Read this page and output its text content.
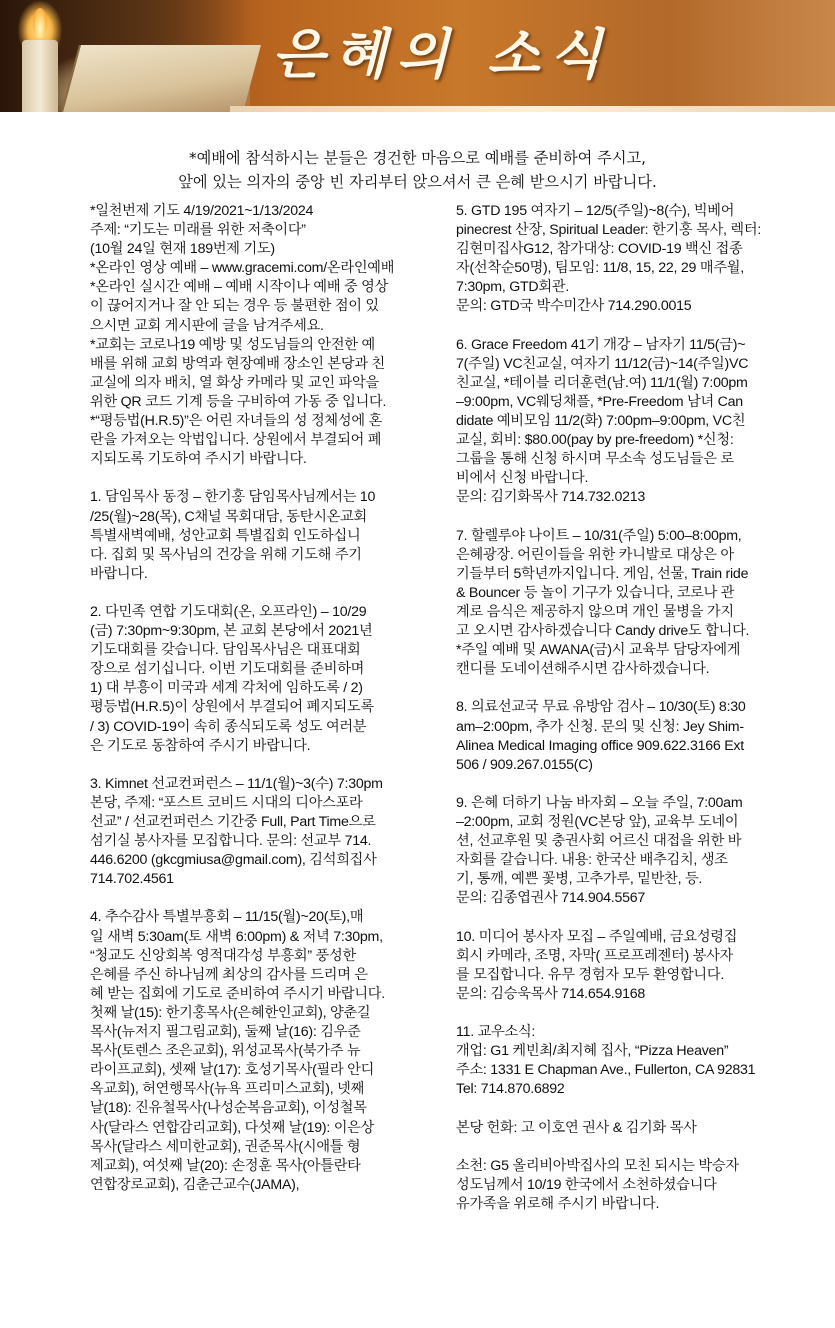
은혜의 소식
*예배에 참석하시는 분들은 경건한 마음으로 예배를 준비하여 주시고,
앞에 있는 의자의 중앙 빈 자리부터 앉으셔서 큰 은혜 받으시기 바랍니다.
*일천번제 기도 4/19/2021~1/13/2024
주제: “기도는 미래를 위한 저축이다”
(10월 24일 현재 189번제 기도)
*온라인 영상 예배 – www.gracemi.com/온라인예배
*온라인 실시간 예배 – 예배 시작이나 예배 중 영상
이 끊어지거나 잘 안 되는 경우 등 불편한 점이 있
으시면 교회 게시판에 글을 남겨주세요.
*교회는 코로나19 예방 및 성도님들의 안전한 예
배를 위해 교회 방역과 현장예배 장소인 본당과 친
교실에 의자 배치, 열 화상 카메라 및 교인 파악을
위한 QR 코드 기계 등을 구비하여 가동 중 입니다.
*“평등법(H.R.5)”은 어린 자녀들의 성 정체성에 혼
란을 가져오는 악법입니다. 상원에서 부결되어 폐
지되도록 기도하여 주시기 바랍니다.
1. 담임목사 동정 – 한기홍 담임목사님께서는 10
/25(월)~28(목), C채널 목회대담, 동탄시온교회
특별새벽예배, 성안교회 특별집회 인도하십니
다. 집회 및 목사님의 건강을 위해 기도해 주기
바랍니다.
2. 다민족 연합 기도대회(온, 오프라인) – 10/29
(금) 7:30pm~9:30pm, 본 교회 본당에서 2021년
기도대회를 갖습니다. 담임목사님은 대표대회
장으로 섬기십니다. 이번 기도대회를 준비하며
1) 대 부흥이 미국과 세계 각처에 임하도록 / 2)
평등법(H.R.5)이 상원에서 부결되어 폐지되도록
/ 3) COVID-19이 속히 종식되도록 성도 여러분
은 기도로 동참하여 주시기 바랍니다.
3. Kimnet 선교컨퍼런스 – 11/1(월)~3(수) 7:30pm
본당, 주제: “포스트 코비드 시대의 디아스포라
선교” / 선교컨퍼런스 기간중 Full, Part Time으로
섬기실 봉사자를 모집합니다. 문의: 선교부 714.
446.6200 (gkcgmiusa@gmail.com), 김석희집사
714.702.4561
4. 추수감사 특별부흥회 – 11/15(월)~20(토),매
일 새벽 5:30am(토 새벽 6:00pm) & 저녁 7:30pm,
“청교도 신앙회복 영적대각성 부흥회” 풍성한
은혜를 주신 하나님께 최상의 감사를 드리며 은
혜 받는 집회에 기도로 준비하여 주시기 바랍니다.
첫째 날(15): 한기홍목사(은혜한인교회), 양춘길
목사(뉴저지 필그림교회), 둘째 날(16): 김우준
목사(토렌스 조은교회), 위성교목사(북가주 뉴
라이프교회), 셋째 날(17): 호성기목사(필라 안디
옥교회), 허연행목사(뉴욕 프리미스교회), 넷째
날(18): 진유철목사(나성순복음교회), 이성철목
사(달라스 연합감리교회), 다섯째 날(19): 이은상
목사(달라스 세미한교회), 권준목사(시애틀 형
제교회), 여섯째 날(20): 손정훈 목사(아틀란타
연합장로교회), 김춘근교수(JAMA),
5. GTD 195 여자기 – 12/5(주일)~8(수), 빅베어
pinecrest 산장, Spiritual Leader: 한기홍 목사, 렉터:
김현미집사G12, 참가대상: COVID-19 백신 접종
자(선착순50명), 팀모임: 11/8, 15, 22, 29 매주월,
7:30pm, GTD회관.
문의: GTD국 박수미간사 714.290.0015
6. Grace Freedom 41기 개강 – 남자기 11/5(금)~
7(주일) VC친교실, 여자기 11/12(금)~14(주일)VC
친교실, *테이블 리더훈련(남.여) 11/1(월) 7:00pm
–9:00pm, VC웨딩채플, *Pre-Freedom 남녀 Can
didate 예비모임 11/2(화) 7:00pm–9:00pm, VC친
교실, 회비: $80.00(pay by pre-freedom) *신청:
그룹을 통해 신청 하시며 무소속 성도님들은 로
비에서 신청 바랍니다.
문의: 김기화목사 714.732.0213
7. 할렐루야 나이트 – 10/31(주일) 5:00–8:00pm,
은혜광장. 어린이들을 위한 카니발로 대상은 아
기들부터 5학년까지입니다. 게임, 선물, Train ride
& Bouncer 등 놀이 기구가 있습니다, 코로나 관
계로 음식은 제공하지 않으며 개인 물병을 가지
고 오시면 감사하겠습니다 Candy drive도 합니다.
*주일 예배 및 AWANA(금)시 교육부 담당자에게
캔디를 도네이션해주시면 감사하겠습니다.
8. 의료선교국 무료 유방암 검사 – 10/30(토) 8:30
am–2:00pm, 추가 신청. 문의 및 신청: Jey Shim-
Alinea Medical Imaging office 909.622.3166 Ext
506 / 909.267.0155(C)
9. 은혜 더하기 나눔 바자회 – 오늘 주일, 7:00am
–2:00pm, 교회 정원(VC본당 앞), 교육부 도네이
션, 선교후원 및 충권사회 어르신 대접을 위한 바
자회를 갈습니다. 내용: 한국산 배추김치, 생조
기, 통깨, 예쁜 꽃병, 고추가루, 밑반찬, 등.
문의: 김종엽권사 714.904.5567
10. 미디어 봉사자 모집 – 주일예배, 금요성령집
회시 카메라, 조명, 자막( 프로프레젠터) 봉사자
를 모집합니다. 유무 경험자 모두 환영합니다.
문의: 김승욱목사 714.654.9168
11. 교우소식:
개업: G1 케빈최/최지혜 집사, “Pizza Heaven”
주소: 1331 E Chapman Ave., Fullerton, CA 92831
Tel: 714.870.6892
본당 헌화: 고 이호연 권사 & 김기화 목사
소천: G5 올리비아박집사의 모친 되시는 박승자
성도님께서 10/19 한국에서 소천하셨습니다
유가족을 위로해 주시기 바랍니다.
